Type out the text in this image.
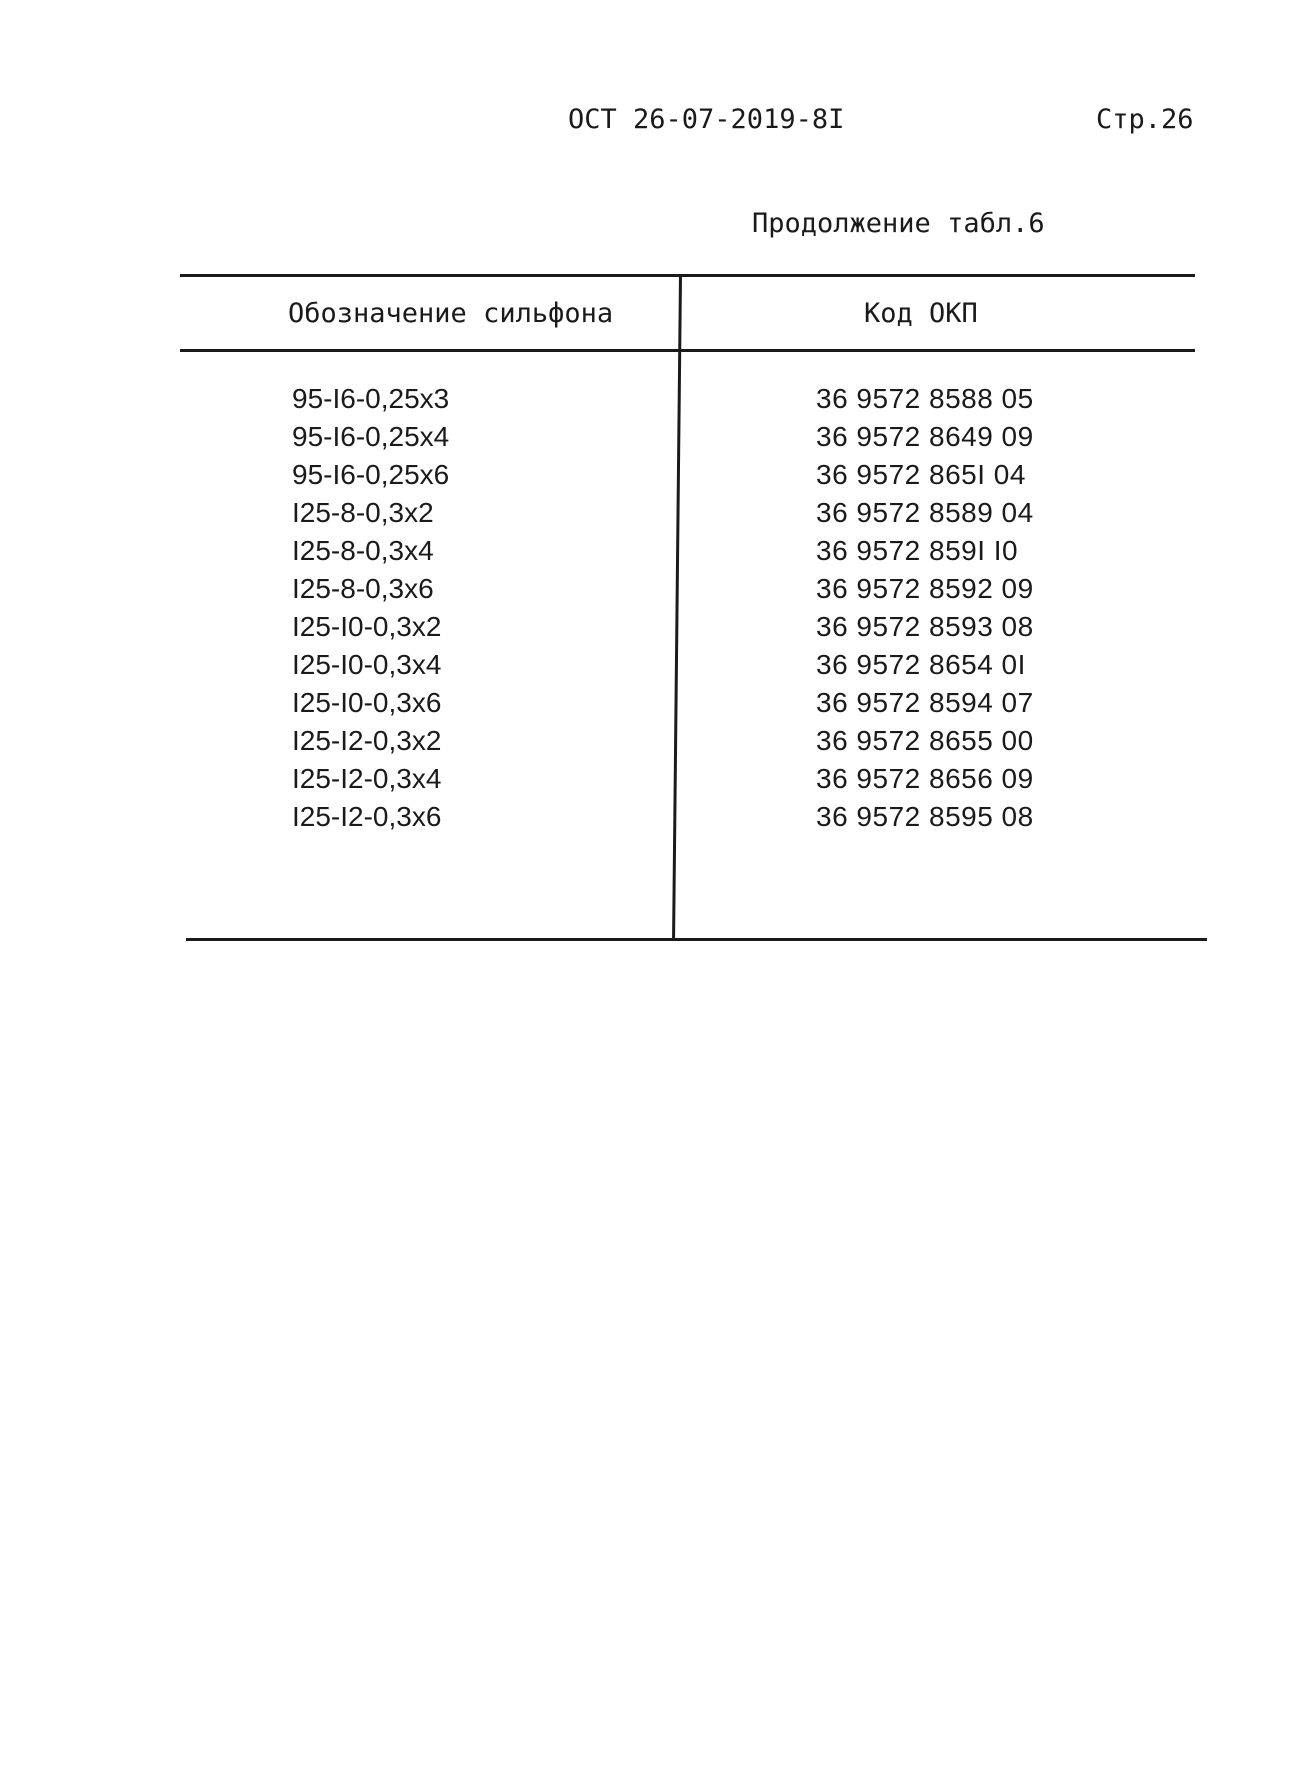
ОСТ 26-07-2019-8I	Стр.26
Продолжение табл.6
Обозначение сильфона	Код ОКП
95-I6-0,25x3
95-I6-0,25x4
95-I6-0,25x6
I25-8-0,3x2
I25-8-0,3x4
I25-8-0,3x6
I25-I0-0,3x2
I25-I0-0,3x4
I25-I0-0,3x6
I25-I2-0,3x2
I25-I2-0,3x4
I25-I2-0,3x6
36 9572 8588 05
36 9572 8649 09
36 9572 865I 04
36 9572 8589 04
36 9572 859I I0
36 9572 8592 09
36 9572 8593 08
36 9572 8654 0I
36 9572 8594 07
36 9572 8655 00
36 9572 8656 09
36 9572 8595 08
